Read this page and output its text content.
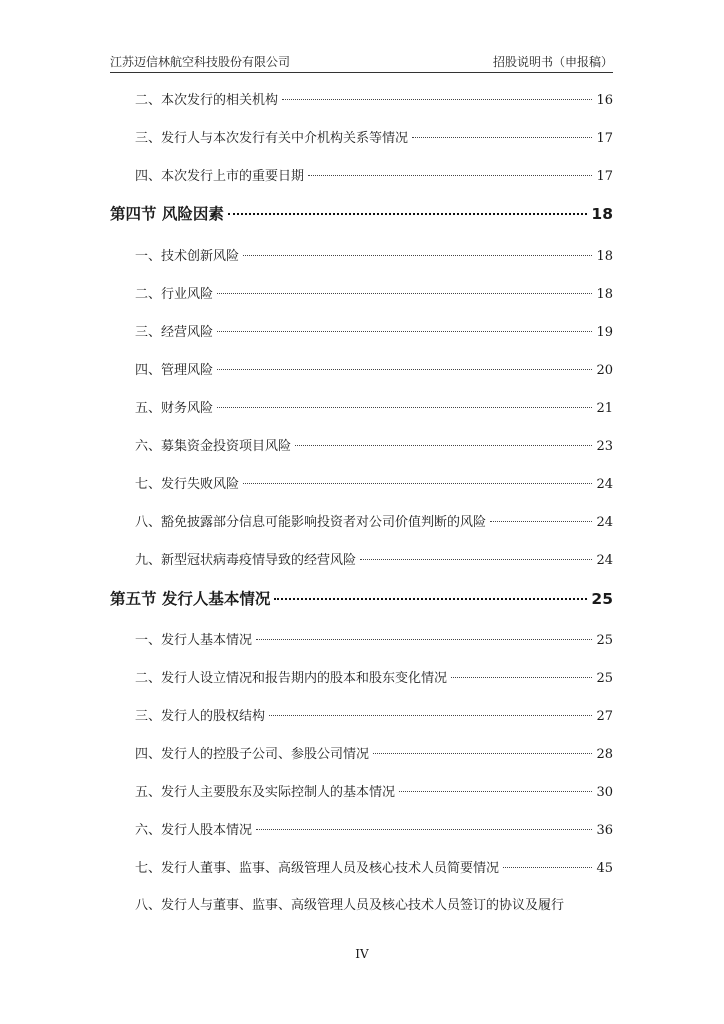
江苏迈信林航空科技股份有限公司	招股说明书（申报稿）
二、本次发行的相关机构	16
三、发行人与本次发行有关中介机构关系等情况	17
四、本次发行上市的重要日期	17
第四节 风险因素	18
一、技术创新风险	18
二、行业风险	18
三、经营风险	19
四、管理风险	20
五、财务风险	21
六、募集资金投资项目风险	23
七、发行失败风险	24
八、豁免披露部分信息可能影响投资者对公司价值判断的风险	24
九、新型冠状病毒疫情导致的经营风险	24
第五节 发行人基本情况	25
一、发行人基本情况	25
二、发行人设立情况和报告期内的股本和股东变化情况	25
三、发行人的股权结构	27
四、发行人的控股子公司、参股公司情况	28
五、发行人主要股东及实际控制人的基本情况	30
六、发行人股本情况	36
七、发行人董事、监事、高级管理人员及核心技术人员简要情况	45
八、发行人与董事、监事、高级管理人员及核心技术人员签订的协议及履行
IV
